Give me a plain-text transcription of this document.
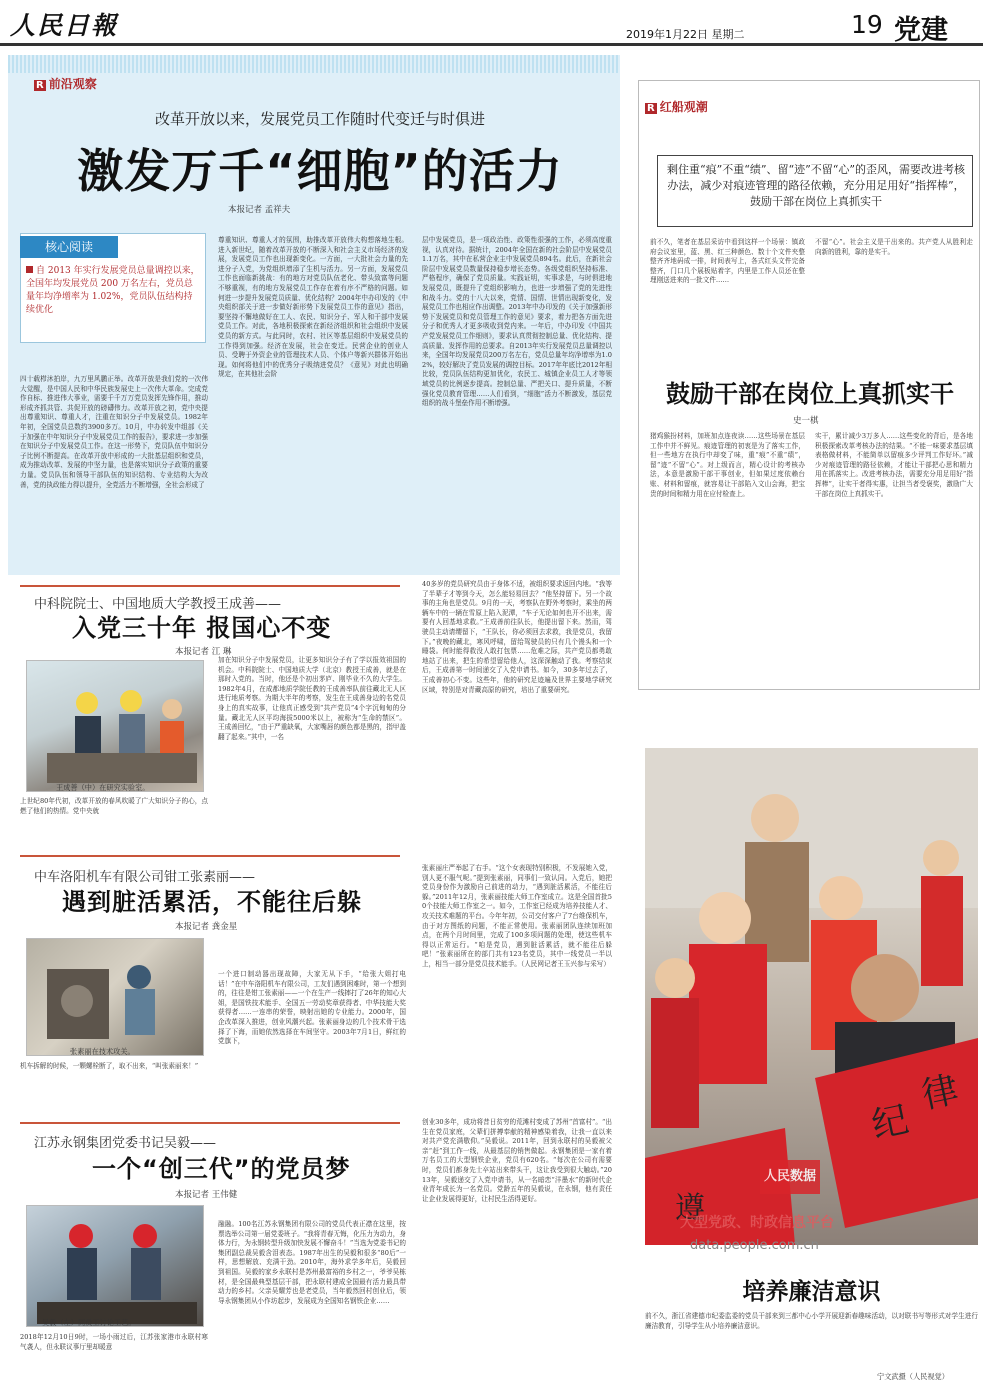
人民日報	2019年1月22日 星期二	19 党建
R 前沿观察
改革开放以来，发展党员工作随时代变迁与时俱进
激发万千“细胞”的活力
本报记者 孟祥夫
核心阅读
自 2013 年实行发展党员总量调控以来，全国年均发展党员 200 万名左右，党员总量年均净增率为 1.02%，党员队伍结构持续优化
四十载栉沐拍岸，九万里风鹏正举。改革开放是我们党的一次伟大觉醒，是中国人民和中华民族发展史上一次伟大革命。完成党作自标、推进伟大事业，需要千千万万党员发挥先锋作用，推动形成齐抓共管、共促开放的磅礴伟力。改革开放之初，党中央提出尊重知识、尊重人才，注重在知识分子中发展党员。1982年年初，全国党员总数约3900多万。10月，中办转发中组部《关于加强在中年知识分子中发展党员工作的报告》，要求进一步加强在知识分子中发展党员工作。在这一形势下，党员队伍中知识分子比例不断提高。在改革开放中形成的一大批基层组织和党员，成为推动改革、发展的中坚力量，也是落实知识分子政策的重要力量。党员队伍和领导干部队伍的知识结构、专业结构大为改善，党的执政能力得以提升，全党活力不断增强，全社会形成了
尊重知识、尊重人才的氛围，助推改革开放伟大构想落地生根。进入新世纪，随着改革开放的不断深入和社会主义市场经济的发展，发展党员工作也出现新变化。一方面，一大批社会力量的先进分子入党，为党组织增添了生机与活力。另一方面，发展党员工作也面临新挑战：有的地方对党员队伍老化、带头致富等问题不够重视，有的地方发展党员工作存在着有序不严格的问题。如何进一步提升发展党员质量、优化结构？2004年中办印发的《中央组织部关于进一步做好新形势下发展党员工作的意见》指出，要坚持不懈地做好在工人、农民、知识分子、军人和干部中发展党员工作。对此，各地积极探索在新经济组织和社会组织中发展党员的新方式。与此同时，农村、社区等基层组织中发展党员的工作得到加强。经济在发展，社会在变迁。民营企业的创业人员、受聘于外资企业的管理技术人员、个体户等新兴群体开始出现。如何将他们中的优秀分子吸纳进党员？《意见》对此也明确规定，在其他社会阶
层中发展党员，是一项政治性、政策性很强的工作，必须高度重视，认真对待。据统计，2004年全国在新的社会阶层中发展党员1.1万名，其中在私营企业主中发展党员894名。此后，在新社会阶层中发展党员数量保持稳步增长态势。各级党组织坚持标准、严格程序，确保了党员质量。实践证明，实事求是，与时俱进地发展党员，既提升了党组织影响力，也进一步增强了党的先进性和战斗力。党的十八大以来，党情、国情、世情出现新变化，发展党员工作也相应作出调整。2013年中办印发的《关于加强新形势下发展党员和党员管理工作的意见》要求，着力把各方面先进分子和优秀人才更多吸收到党内来。一年后，中办印发《中国共产党发展党员工作细则》，要求认真贯彻控制总量、优化结构、提高质量、发挥作用的总要求。自2013年实行发展党员总量调控以来，全国年均发展党员200万名左右，党员总量年均净增率为1.02%，较好解决了党员发展的调控目标。2017年年底比2012年相比较，党员队伍结构更加优化，农民工、城镇企业员工人才等领域党员的比例逐步提高。控制总量、严把关口、提升质量，不断强化党员教育管理……人们看到，“细胞”活力不断激发，基层党组织的战斗堡垒作用不断增强。
中科院院士、中国地质大学教授王成善——
入党三十年 报国心不变
本报记者 江 琳
王成善（中）在研究实验室。
上世纪80年代初，改革开放的春风吹暖了广大知识分子的心，点燃了他们的热情。党中央就
加在知识分子中发展党员，让更多知识分子有了学以报效祖国的机会。中科院院士、中国地质大学（北京）教授王成善，就是在那时入党的。当时，他还是个初出茅庐、刚毕业不久的大学生。1982年4月，在成都地质学院任教的王成善率队前往藏北无人区进行地质考察。为期大半年的考察，发生在王成善身边的名党员身上的真实故事，让他真正感受到“共产党员”4个字沉甸甸的分量。藏北无人区平均海拔5000米以上，被称为“生命的禁区”。王成善回忆，“由于严重缺氧，大家嘴唇的颜色都是黑的，指甲盖翻了起来。”其中，一名
40多岁的党员研究员由于身体不适，被组织要求返回内地。“我等了半辈子才等到今天，怎么能轻易回去？”他坚持留下。另一个故事的主角也是党员。9月的一天，考察队在野外考察时，乘坐的两辆车中的一辆在雪原上陷入泥潭，“车子无论如何也开不出来，需要有人回基地求救。”王成善前往队长，他提出留下来。然而，驾驶员主动请缨留下，“王队长，你必须回去求救，我是党员，我留下。”夜晚的藏北，寒风呼啸，留给驾驶员的只有几个馒头和一个睡袋。何时能得救没人敢打包票……危难之际，共产党员都勇敢地站了出来，把生的希望留给他人，这深深触动了我。考察结束后，王成善第一时间递交了入党申请书。如今，30多年过去了，王成善初心不变。这些年，他的研究足迹遍及世界主要地学研究区域，特别是对青藏高原的研究，培出了重要研究。
中车洛阳机车有限公司钳工张素丽——
遇到脏活累活，不能往后躲
本报记者 龚金星
张素丽在技术攻关。
机车拆解的时候，一颗螺栓断了，取不出来，“叫张素丽来！”
一个进口制动器出现故障，大家无从下手，“给张大姐打电话！”在中车洛阳机车有限公司，工友们遇到困难时，第一个想到的，往往是钳工张素丽——一个在生产一线摔打了26年的知心大姐，是国铁技术能手、全国五一劳动奖章获得者、中华技能大奖获得者……一连串的荣誉，映射出她的专业能力。2000年，国企改革深入推进，创业风潮兴起。张素丽身边的几个技术骨干选择了下海，而她依然选择在车间坚守。2003年7月1日，鲜红的党旗下，
张素丽庄严举起了右手。“这个女表现特别积极，不发展她入党，别人更不服气呢。”提到张素丽，同事们一致认同。入党后，她把党员身份作为激励自己前进的动力，“遇到脏活累活，不能往后躲。”2011年12月，张素丽技能大师工作室成立。这是全国首批50个技能大师工作室之一。如今，工作室已经成为培养技能人才、攻关技术难题的平台。今年年初，公司交付客户了7台维保机车，由于对方图纸的问题，不能正常使用。张素丽团队连续加班加点，在两个月时间里，完成了100多项问题的处理，使这些机车得以正常运行。“咱是党员，遇到脏活累活，就不能往后躲吧！”张素丽所在的部门共有123名党员，其中一线党员一半以上，相当一部分是党员技术能手。（人民网记者王玉兴参与采写）
江苏永钢集团党委书记吴毅——
一个“创三代”的党员梦
本报记者 王伟健
吴毅（左）同员工讨论工艺。
2018年12月10日9时，一场小雨过后，江苏张家港市永联村寒气袭人，但永联议事厅里却暖意
融融。100名江苏永钢集团有限公司的党员代表正襟在这里，按票选举公司第一届党委班子。“我将青春无悔，化压力为动力，身体力行，为永钢转型升级加快发展不懈奋斗！”当选为党委书记的集团副总裁吴毅含泪表态。1987年出生的吴毅和很多“80后”一样，思想解放、充满干劲。2010年，海外求学多年后，吴毅回到祖国。吴毅的家乡永联村是苏州最富裕的乡村之一，爷爷吴栋材，是全国最典型基层干部，把永联村建成全国最有活力最具带动力的乡村。父亲吴耀芳也是老党员，当年毅然回村创业后，领导永钢集团从小作坊起步，发展成为全国知名钢铁企业……
创业30多年，成功将昔日贫穷的荒滩村变成了苏州“首富村”。“出生在党员家庭，父辈们拼搏奉献的精神感染着我，让我一直以来对共产党充满敬仰。”吴毅说。2011年，回到永联村的吴毅被父亲“赶”到工作一线，从最基层的销售做起。永钢集团是一家有着万名员工的大型钢铁企业，党员有620名。“每次在公司有需要时，党员们都身先士卒站出来带头干，这让我受到很大触动。”2013年，吴毅递交了入党申请书，从一名暗恋“洋墨水”的新时代企业青年成长为一名党员。党龄五年的吴毅说，在永钢，他有责任让企业发展得更好，让村民生活得更好。
R 红船观潮
剩住重“痕”不重“绩”、留“迹”不留“心”的歪风，需要改进考核办法，减少对痕迹管理的路径依赖，充分用足用好“指挥棒”，鼓励干部在岗位上真抓实干
前不久，笔者在基层采访中看到这样一个场景：镇政府会议室里，蓝、黑、红三种颜色、数十个文件夹整整齐齐地码成一排，时间表写上，各式红头文件完备整齐，门口几个展板贴着字，内里是工作人员还在整理刚送进来的一批文件……
不留“心”。社会主义是干出来的。共产党人从胜利走向新的胜利，靠的是实干。
鼓励干部在岗位上真抓实干
史一棋
猪鸡猴扮材料，加班加点连夜读……这些场景在基层工作中并不鲜见。痕迹管理的初衷是为了落实工作，但一些地方在执行中却变了味，重“痕”不重“绩”，留“迹”不留“心”。对上级而言，精心设计的考核办法，本意是激励干部干事创业，但如果过度依赖台账、材料和留痕，就容易让干部陷入文山会海，把宝贵的时间和精力用在应付检查上。
实干，累计减少3万多人……这些变化的背后，是各地积极探索改革考核办法的结果。“不能一味要求基层填表格做材料，不能简单以留痕多少评判工作好坏。”减少对痕迹管理的路径依赖，才能让干部把心思和精力用在抓落实上。改进考核办法，需要充分用足用好“指挥棒”，让实干者得实惠，让担当者受褒奖，激励广大干部在岗位上真抓实干。
纪
律
遵
人民数据
大型党政、时政信息平台
data.people.com.cn
培养廉洁意识
前不久，浙江省建德市纪委监委的党员干部来到三都中心小学开展迎新春趣味活动，以对联书写等形式对学生进行廉洁教育，引导学生从小培养廉洁意识。
宁文武摄（人民视觉）
